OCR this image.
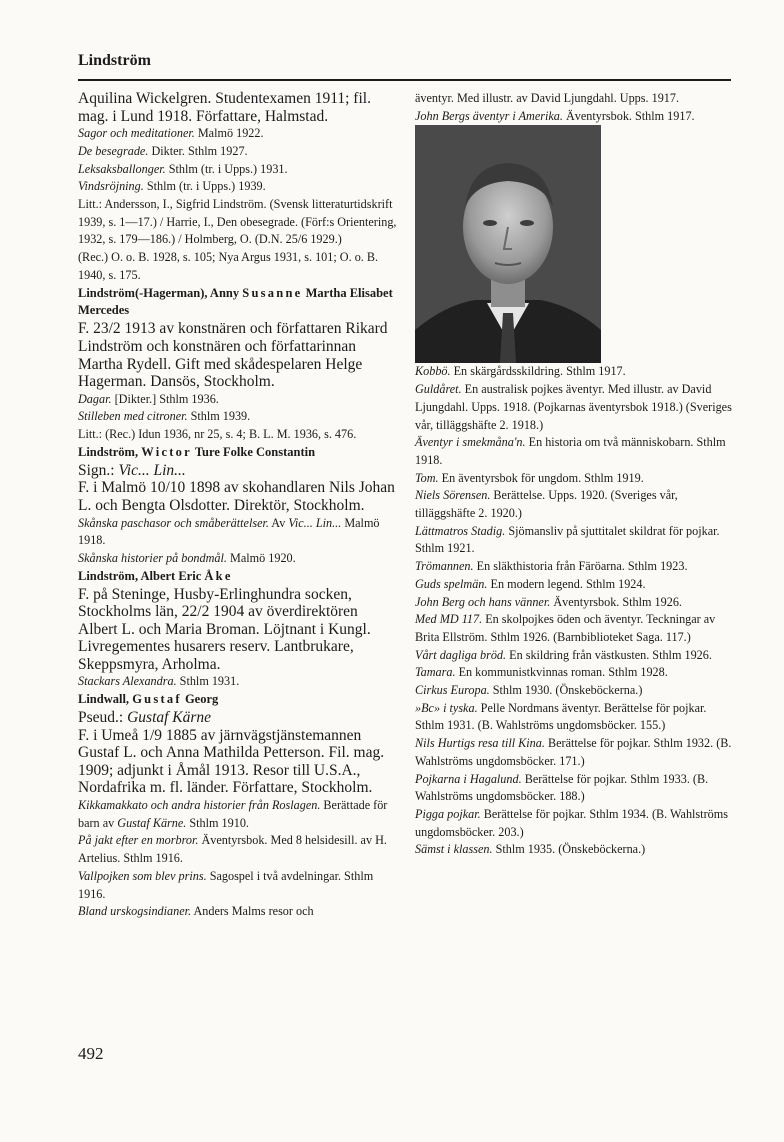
Lindström
Aquilina Wickelgren. Studentexamen 1911; fil. mag. i Lund 1918. Författare, Halmstad.
Sagor och meditationer. Malmö 1922.
De besegrade. Dikter. Sthlm 1927.
Leksaksballonger. Sthlm (tr. i Upps.) 1931.
Vindsröjning. Sthlm (tr. i Upps.) 1939.
Litt.: Andersson, I., Sigfrid Lindström. (Svensk litteraturtidskrift 1939, s. 1—17.) / Harrie, I., Den obesegrade. (Förf:s Orientering, 1932, s. 179—186.) / Holmberg, O. (D.N. 25/6 1929.)
(Rec.) O. o. B. 1928, s. 105; Nya Argus 1931, s. 101; O. o. B. 1940, s. 175.
Lindström(-Hagerman), Anny Susanne Martha Elisabet Mercedes
F. 23/2 1913 av konstnären och författaren Rikard Lindström och konstnären och författarinnan Martha Rydell. Gift med skådespelaren Helge Hagerman. Dansös, Stockholm.
Dagar. [Dikter.] Sthlm 1936.
Stilleben med citroner. Sthlm 1939.
Litt.: (Rec.) Idun 1936, nr 25, s. 4; B. L. M. 1936, s. 476.
Lindström, Wictor Ture Folke Constantin
Sign.: Vic... Lin...
F. i Malmö 10/10 1898 av skohandlaren Nils Johan L. och Bengta Olsdotter. Direktör, Stockholm.
Skånska paschasor och småberättelser. Av Vic... Lin... Malmö 1918.
Skånska historier på bondmål. Malmö 1920.
Lindström, Albert Eric Åke
F. på Steninge, Husby-Erlinghundra socken, Stockholms län, 22/2 1904 av överdirektören Albert L. och Maria Broman. Löjtnant i Kungl. Livregementes husarers reserv. Lantbrukare, Skeppsmyra, Arholma.
Stackars Alexandra. Sthlm 1931.
Lindwall, Gustaf Georg
Pseud.: Gustaf Kärne
F. i Umeå 1/9 1885 av järnvägstjänstemannen Gustaf L. och Anna Mathilda Petterson. Fil. mag. 1909; adjunkt i Åmål 1913. Resor till U.S.A., Nordafrika m. fl. länder. Författare, Stockholm.
Kikkamakkato och andra historier från Roslagen. Berättade för barn av Gustaf Kärne. Sthlm 1910.
På jakt efter en morbror. Äventyrsbok. Med 8 helsidesill. av H. Artelius. Sthlm 1916.
Vallpojken som blev prins. Sagospel i två avdelningar. Sthlm 1916.
Bland urskogsindianer. Anders Malms resor och
äventyr. Med illustr. av David Ljungdahl. Upps. 1917.
John Bergs äventyr i Amerika. Äventyrsbok. Sthlm 1917.
Kobbö. En skärgårdsskildring. Sthlm 1917.
Guldåret. En australisk pojkes äventyr. Med illustr. av David Ljungdahl. Upps. 1918. (Pojkarnas äventyrsbok 1918.) (Sveriges vår, tilläggshäfte 2. 1918.)
Äventyr i smekmåna'n. En historia om två människobarn. Sthlm 1918.
Tom. En äventyrsbok för ungdom. Sthlm 1919.
Niels Sörensen. Berättelse. Upps. 1920. (Sveriges vår, tilläggshäfte 2. 1920.)
Lättmatros Stadig. Sjömansliv på sjuttitalet skildrat för pojkar. Sthlm 1921.
Trömannen. En släkthistoria från Färöarna. Sthlm 1923.
Guds spelmän. En modern legend. Sthlm 1924.
John Berg och hans vänner. Äventyrsbok. Sthlm 1926.
Med MD 117. En skolpojkes öden och äventyr. Teckningar av Brita Ellström. Sthlm 1926. (Barnbiblioteket Saga. 117.)
Vårt dagliga bröd. En skildring från västkusten. Sthlm 1926.
Tamara. En kommunistkvinnas roman. Sthlm 1928.
Cirkus Europa. Sthlm 1930. (Önskeböckerna.)
»Bc» i tyska. Pelle Nordmans äventyr. Berättelse för pojkar. Sthlm 1931. (B. Wahlströms ungdomsböcker. 155.)
Nils Hurtigs resa till Kina. Berättelse för pojkar. Sthlm 1932. (B. Wahlströms ungdomsböcker. 171.)
Pojkarna i Hagalund. Berättelse för pojkar. Sthlm 1933. (B. Wahlströms ungdomsböcker. 188.)
Pigga pojkar. Berättelse för pojkar. Sthlm 1934. (B. Wahlströms ungdomsböcker. 203.)
Sämst i klassen. Sthlm 1935. (Önskeböckerna.)
492
